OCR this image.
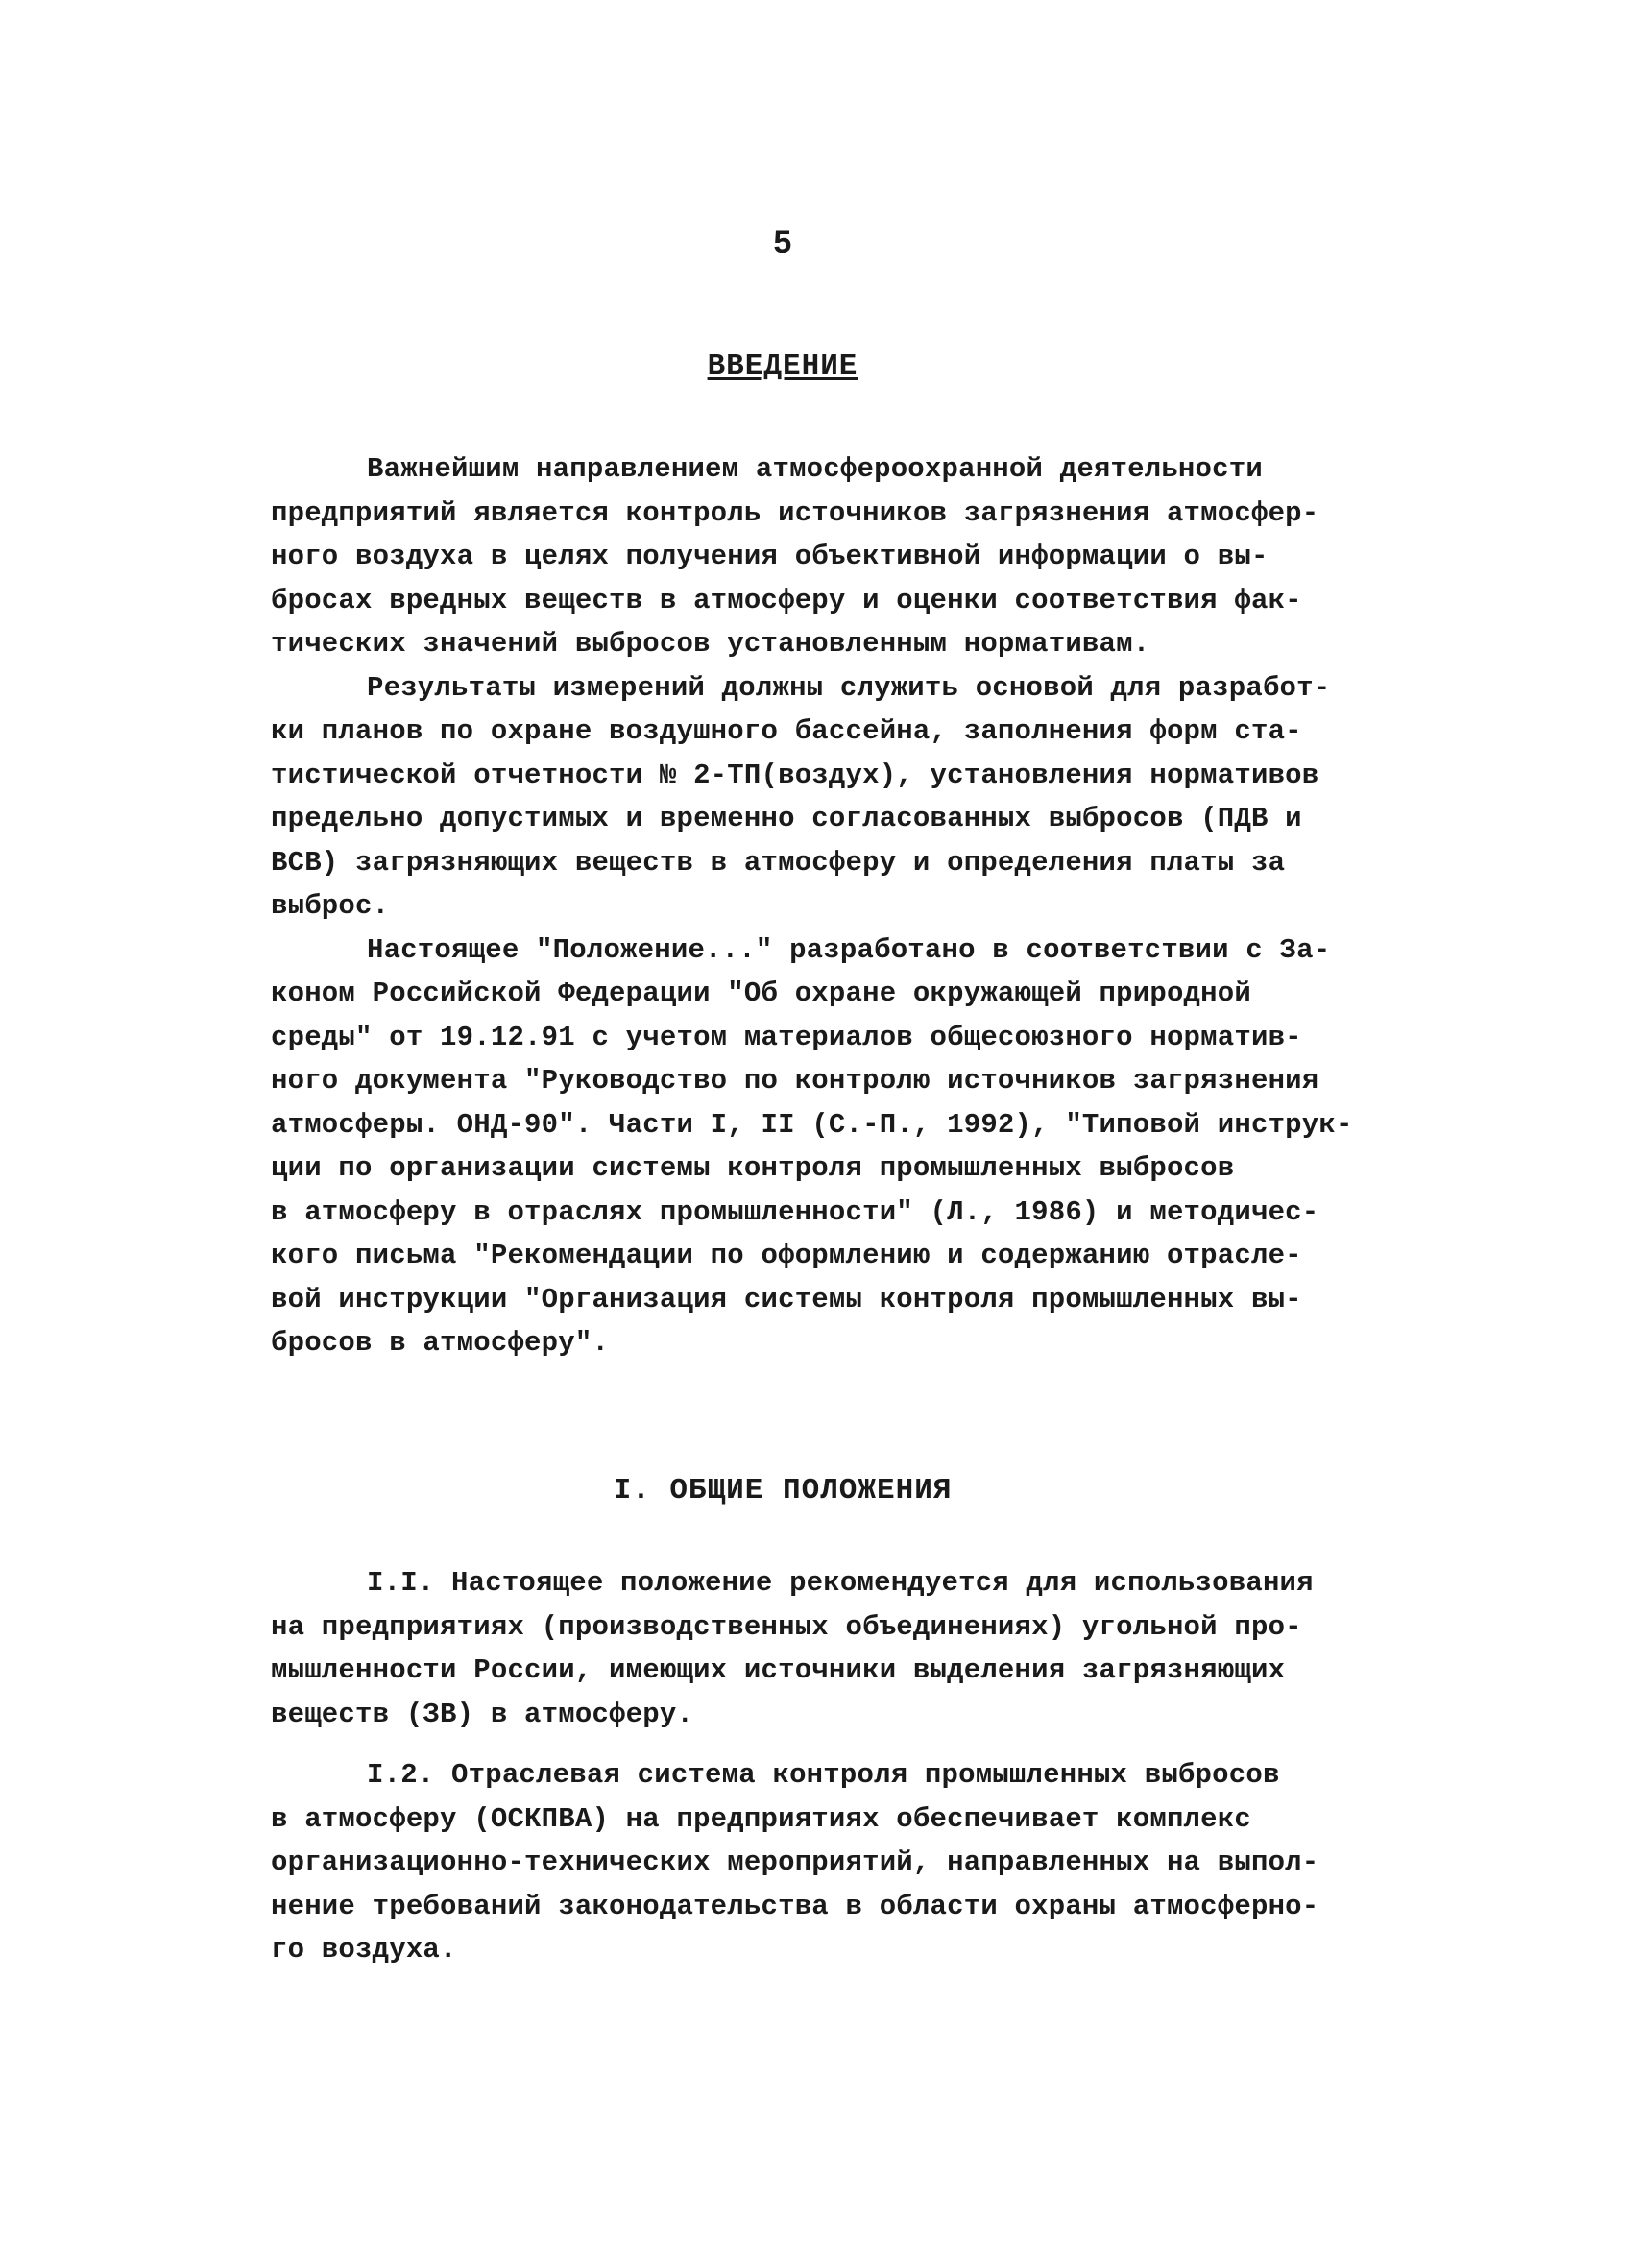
5
ВВЕДЕНИЕ
Важнейшим направлением атмосфероохранной деятельности
предприятий является контроль источников загрязнения атмосфер-
ного воздуха в целях получения объективной информации о вы-
бросах вредных веществ в атмосферу и оценки соответствия фак-
тических значений выбросов установленным нормативам.
Результаты измерений должны служить основой для разработ-
ки планов по охране воздушного бассейна, заполнения форм ста-
тистической отчетности № 2-ТП(воздух), установления нормативов
предельно допустимых и временно согласованных выбросов (ПДВ и
ВСВ) загрязняющих веществ в атмосферу и определения платы за
выброс.
Настоящее "Положение..." разработано в соответствии с За-
коном Российской Федерации "Об охране окружающей природной
среды" от 19.12.91 с учетом материалов общесоюзного норматив-
ного документа "Руководство по контролю источников загрязнения
атмосферы. ОНД-90". Части I, II (С.-П., 1992), "Типовой инструк-
ции по организации системы контроля промышленных выбросов
в атмосферу в отраслях промышленности" (Л., 1986) и методичес-
кого письма "Рекомендации по оформлению и содержанию отрасле-
вой инструкции "Организация системы контроля промышленных вы-
бросов в атмосферу".
I. ОБЩИЕ ПОЛОЖЕНИЯ
I.I. Настоящее положение рекомендуется для использования
на предприятиях (производственных объединениях) угольной про-
мышленности России, имеющих источники выделения загрязняющих
веществ (ЗВ) в атмосферу.
I.2. Отраслевая система контроля промышленных выбросов
в атмосферу (ОСКПВА) на предприятиях обеспечивает комплекс
организационно-технических мероприятий, направленных на выпол-
нение требований законодательства в области охраны атмосферно-
го воздуха.
